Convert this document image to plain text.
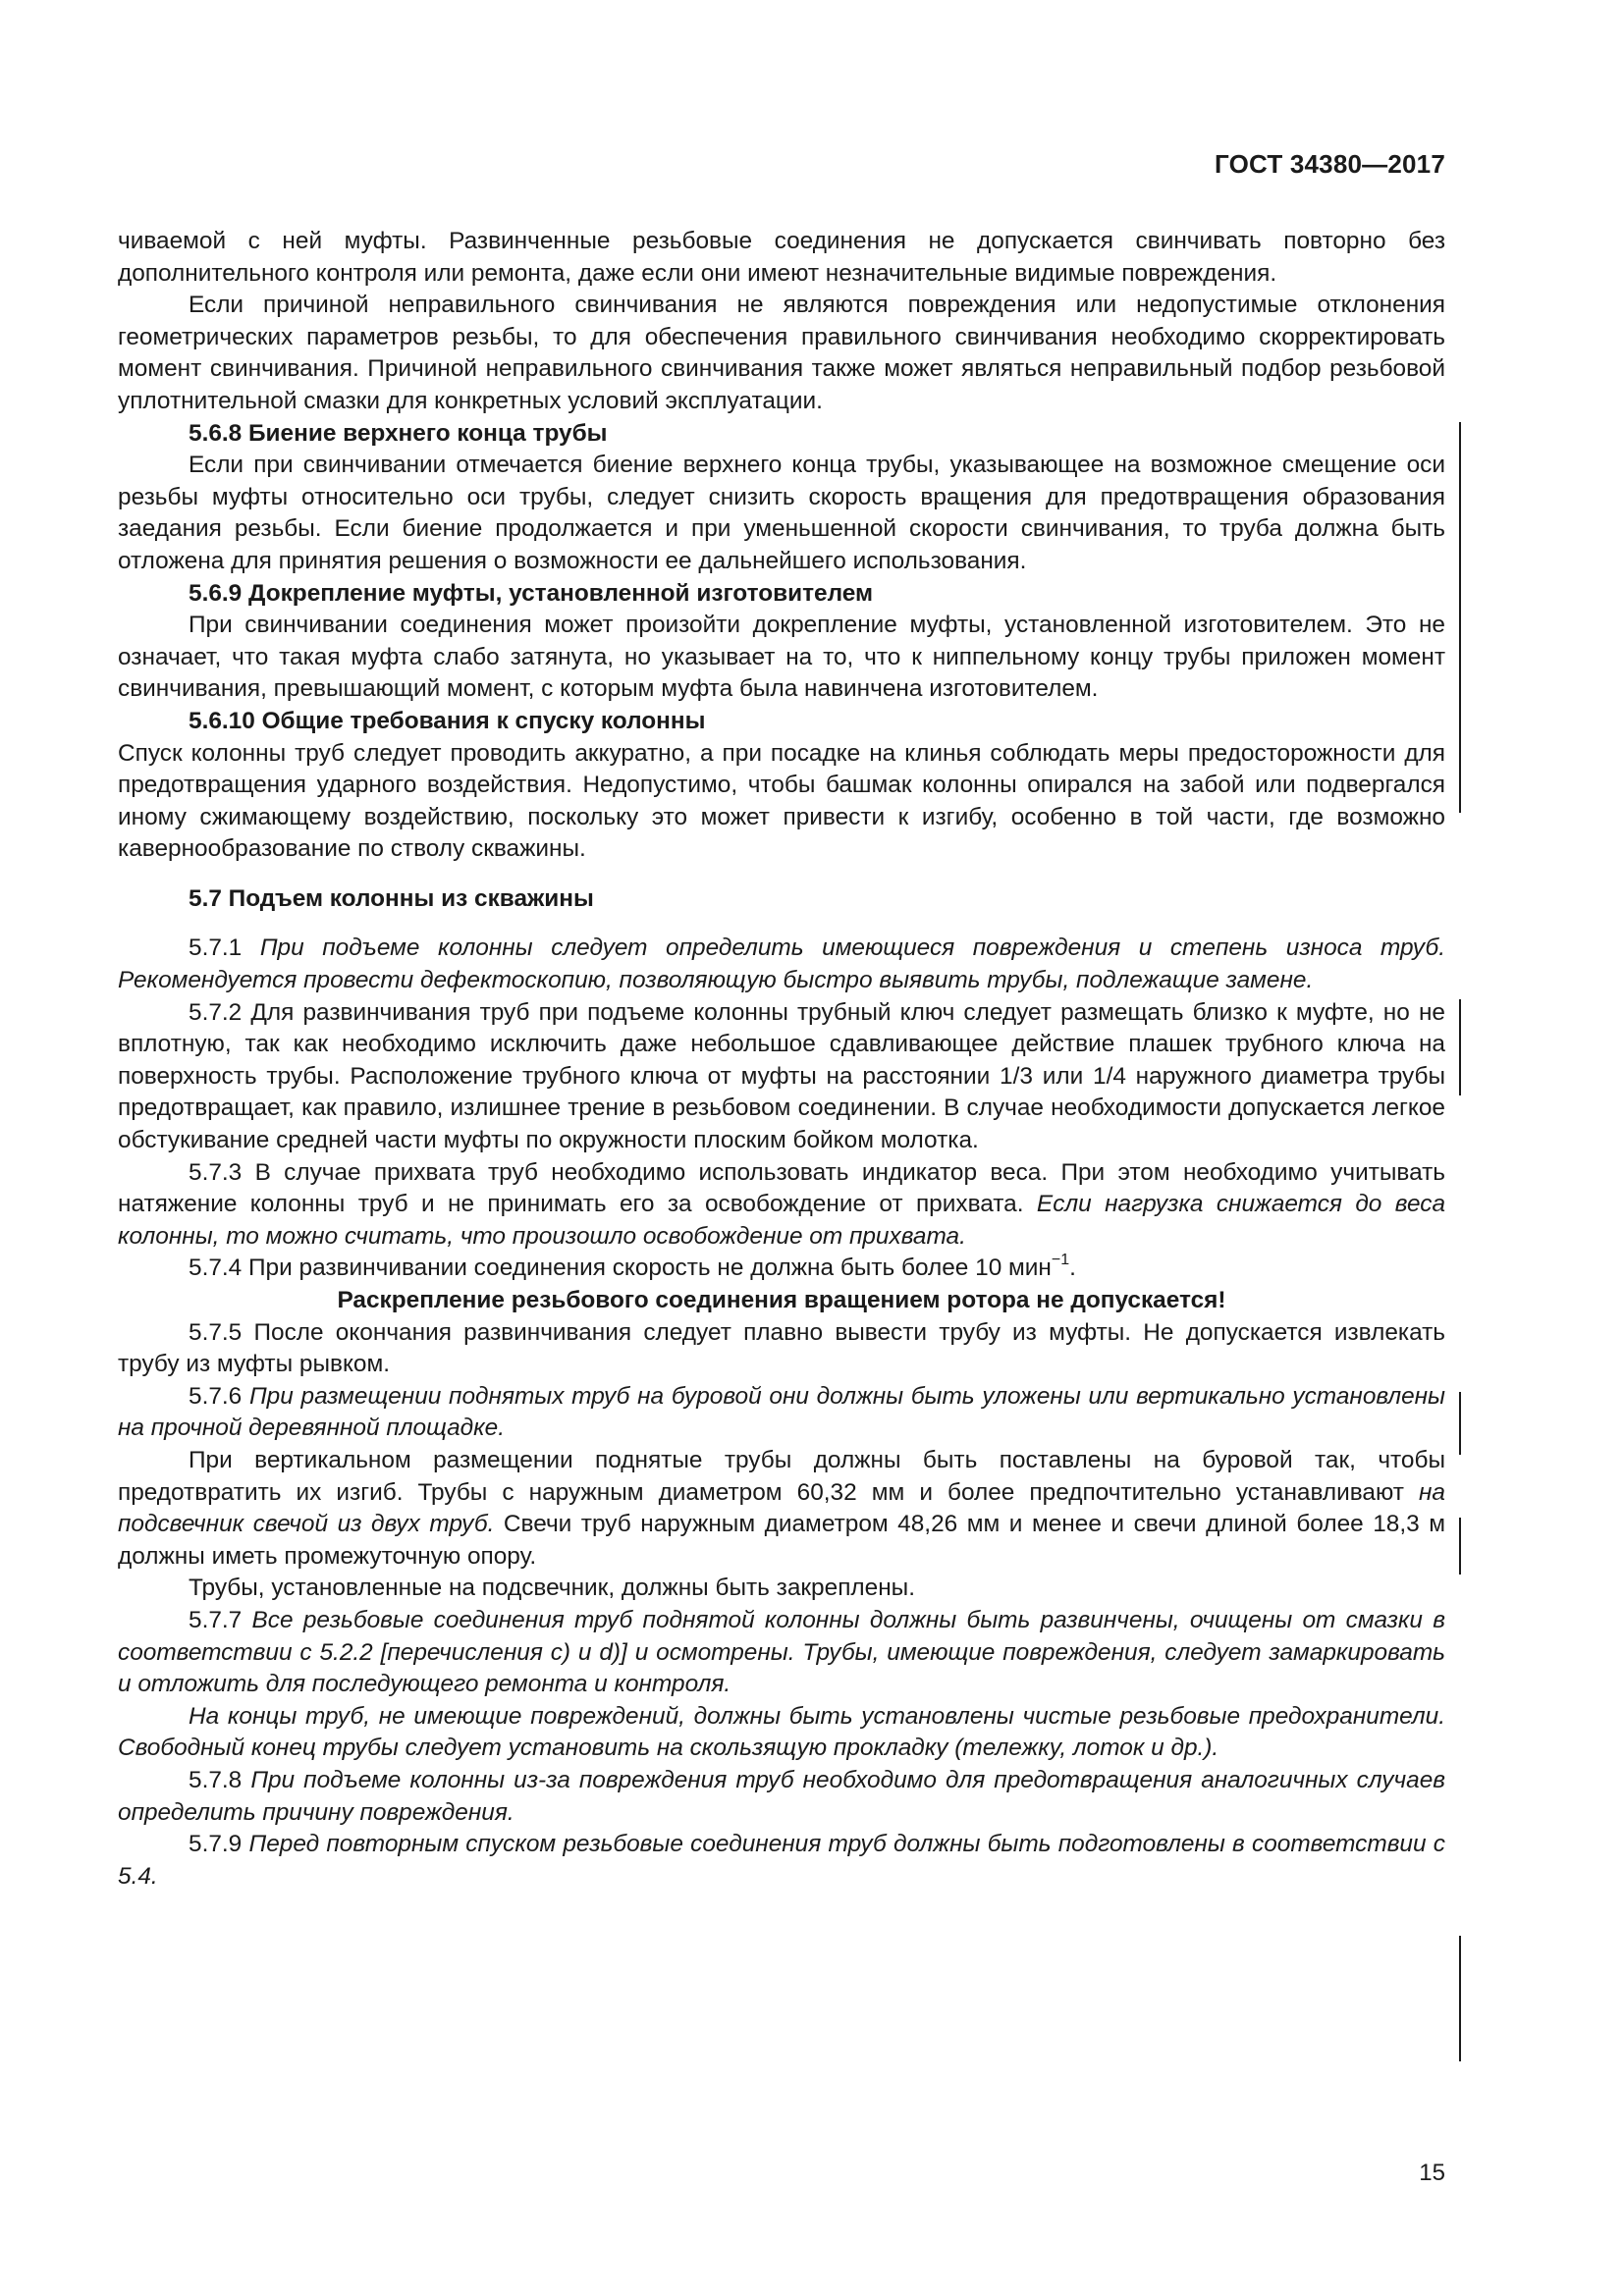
ГОСТ 34380—2017

чиваемой с ней муфты. Развинченные резьбовые соединения не допускается свинчивать повторно без дополнительного контроля или ремонта, даже если они имеют незначительные видимые повреждения.

Если причиной неправильного свинчивания не являются повреждения или недопустимые отклонения геометрических параметров резьбы, то для обеспечения правильного свинчивания необходимо скорректировать момент свинчивания. Причиной неправильного свинчивания также может являться неправильный подбор резьбовой уплотнительной смазки для конкретных условий эксплуатации.

5.6.8 Биение верхнего конца трубы

Если при свинчивании отмечается биение верхнего конца трубы, указывающее на возможное смещение оси резьбы муфты относительно оси трубы, следует снизить скорость вращения для предотвращения образования заедания резьбы. Если биение продолжается и при уменьшенной скорости свинчивания, то труба должна быть отложена для принятия решения о возможности ее дальнейшего использования.

5.6.9 Докрепление муфты, установленной изготовителем

При свинчивании соединения может произойти докрепление муфты, установленной изготовителем. Это не означает, что такая муфта слабо затянута, но указывает на то, что к ниппельному концу трубы приложен момент свинчивания, превышающий момент, с которым муфта была навинчена изготовителем.

5.6.10 Общие требования к спуску колонны

Спуск колонны труб следует проводить аккуратно, а при посадке на клинья соблюдать меры предосторожности для предотвращения ударного воздействия. Недопустимо, чтобы башмак колонны опирался на забой или подвергался иному сжимающему воздействию, поскольку это может привести к изгибу, особенно в той части, где возможно кавернообразование по стволу скважины.

5.7 Подъем колонны из скважины

5.7.1 При подъеме колонны следует определить имеющиеся повреждения и степень износа труб. Рекомендуется провести дефектоскопию, позволяющую быстро выявить трубы, подлежащие замене.

5.7.2 Для развинчивания труб при подъеме колонны трубный ключ следует размещать близко к муфте, но не вплотную, так как необходимо исключить даже небольшое сдавливающее действие плашек трубного ключа на поверхность трубы. Расположение трубного ключа от муфты на расстоянии 1/3 или 1/4 наружного диаметра трубы предотвращает, как правило, излишнее трение в резьбовом соединении. В случае необходимости допускается легкое обстукивание средней части муфты по окружности плоским бойком молотка.

5.7.3 В случае прихвата труб необходимо использовать индикатор веса. При этом необходимо учитывать натяжение колонны труб и не принимать его за освобождение от прихвата. Если нагрузка снижается до веса колонны, то можно считать, что произошло освобождение от прихвата.

5.7.4 При развинчивании соединения скорость не должна быть более 10 мин$^{-1}$.

Раскрепление резьбового соединения вращением ротора не допускается!

5.7.5 После окончания развинчивания следует плавно вывести трубу из муфты. Не допускается извлекать трубу из муфты рывком.

5.7.6 При размещении поднятых труб на буровой они должны быть уложены или вертикально установлены на прочной деревянной площадке.

При вертикальном размещении поднятые трубы должны быть поставлены на буровой так, чтобы предотвратить их изгиб. Трубы с наружным диаметром 60,32 мм и более предпочтительно устанавливают на подсвечник свечой из двух труб. Свечи труб наружным диаметром 48,26 мм и менее и свечи длиной более 18,3 м должны иметь промежуточную опору.

Трубы, установленные на подсвечник, должны быть закреплены.

5.7.7 Все резьбовые соединения труб поднятой колонны должны быть развинчены, очищены от смазки в соответствии с 5.2.2 [перечисления с) и d)] и осмотрены. Трубы, имеющие повреждения, следует замаркировать и отложить для последующего ремонта и контроля.

На концы труб, не имеющие повреждений, должны быть установлены чистые резьбовые предохранители. Свободный конец трубы следует установить на скользящую прокладку (тележку, лоток и др.).

5.7.8 При подъеме колонны из-за повреждения труб необходимо для предотвращения аналогичных случаев определить причину повреждения.

5.7.9 Перед повторным спуском резьбовые соединения труб должны быть подготовлены в соответствии с 5.4.

15
